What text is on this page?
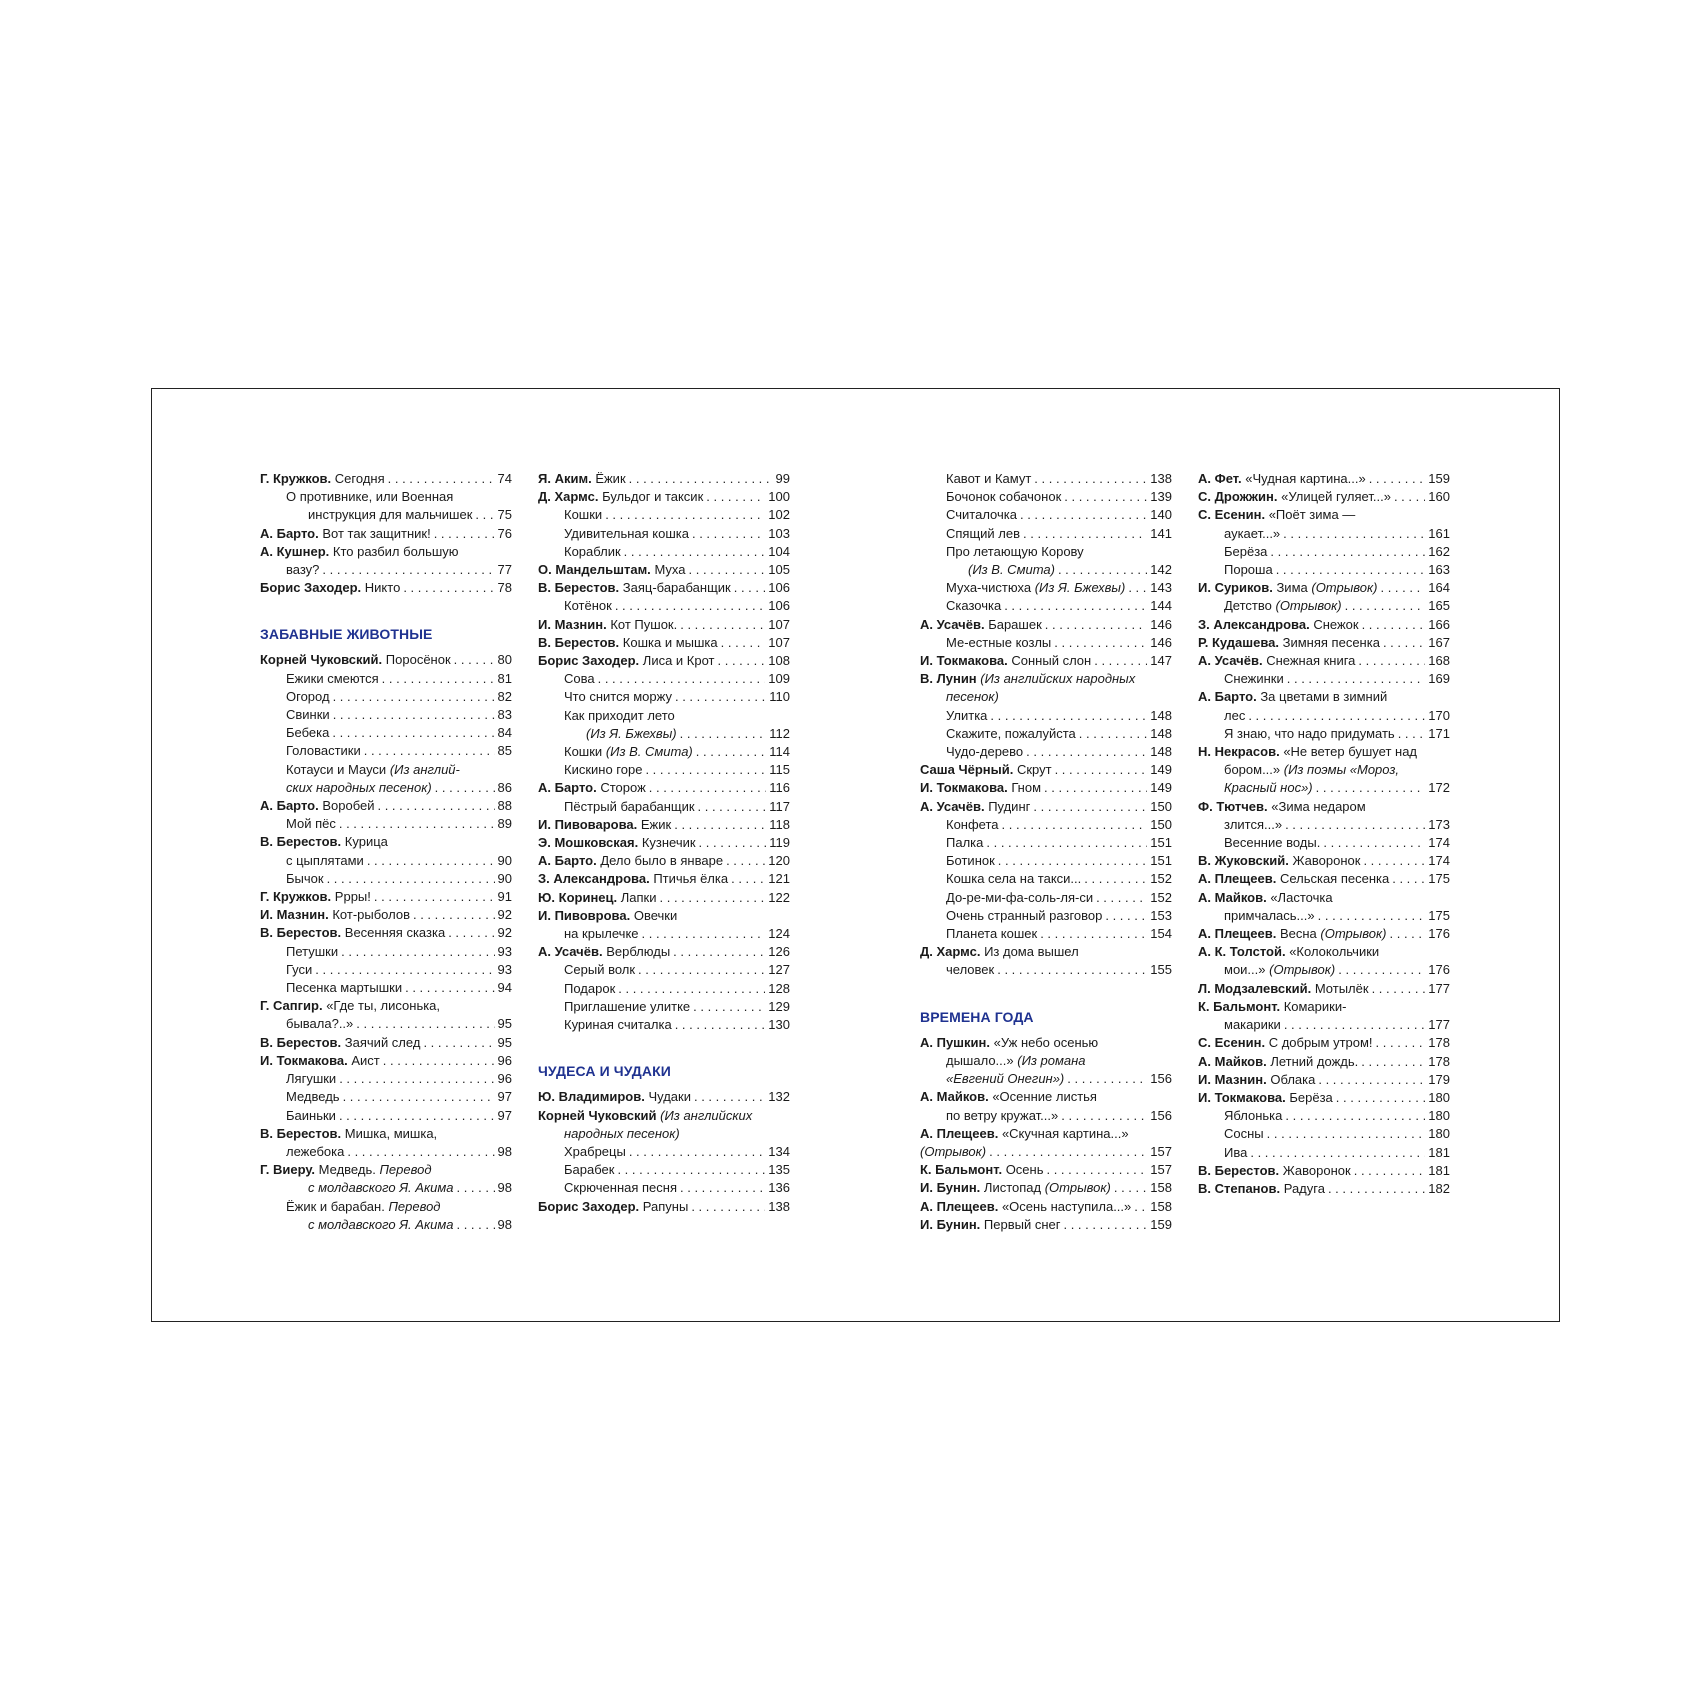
Г. Кружков. Сегодня . . .	74
О противнике, или Военная
инструкция для мальчишек . . . 75
А. Барто. Вот так защитник! . . .	76
А. Кушнер. Кто разбил большую
вазу? . . .	77
Борис Заходер. Никто . . .	78
ЗАБАВНЫЕ ЖИВОТНЫЕ
Корней Чуковский. Поросёнок . . .	80
Ежики смеются . . .	81
Огород . . .	82
Свинки . . .	83
Бебека . . .	84
Головастики . . .	85
Котауси и Мауси (Из англий-
ских народных песенок) . . .	86
А. Барто. Воробей . . .	88
Мой пёс . . .	89
В. Берестов. Курица
с цыплятами . . .	90
Бычок . . .	90
Г. Кружков. Ррры! . . .	91
И. Мазнин. Кот-рыболов . . .	92
В. Берестов. Весенняя сказка . . .	92
Петушки . . .	93
Гуси . . .	93
Песенка мартышки . . .	94
Г. Сапгир. «Где ты, лисонька,
бывала?..» . . .	95
В. Берестов. Заячий след . . .	95
И. Токмакова. Аист . . .	96
Лягушки . . .	96
Медведь . . .	97
Баиньки . . .	97
В. Берестов. Мишка, мишка,
лежебока . . .	98
Г. Виеру. Медведь. Перевод
с молдавского Я. Акима . . .	98
Ёжик и барабан. Перевод
с молдавского Я. Акима . . .	98
Я. Аким. Ёжик . . .	99
Д. Хармс. Бульдог и таксик . . .	100
Кошки . . .	102
Удивительная кошка . . .	103
Кораблик . . .	104
О. Мандельштам. Муха . . .	105
В. Берестов. Заяц-барабанщик . . .	106
Котёнок . . .	106
И. Мазнин. Кот Пушок. . . .	107
В. Берестов. Кошка и мышка . . .	107
Борис Заходер. Лиса и Крот . . .	108
Сова . . .	109
Что снится моржу . . .	110
Как приходит лето
(Из Я. Бжехвы) . . .	112
Кошки (Из В. Смита) . . .	114
Кискино горе . . .	115
А. Барто. Сторож . . .	116
Пёстрый барабанщик . . .	117
И. Пивоварова. Ежик . . .	118
Э. Мошковская. Кузнечик . . .	119
А. Барто. Дело было в январе . . .	120
З. Александрова. Птичья ёлка . . .	121
Ю. Коринец. Лапки . . .	122
И. Пивоврова. Овечки
на крылечке . . .	124
А. Усачёв. Верблюды . . .	126
Серый волк . . .	127
Подарок . . .	128
Приглашение улитке . . .	129
Куриная считалка . . .	130
ЧУДЕСА И ЧУДАКИ
Ю. Владимиров. Чудаки . . .	132
Корней Чуковский (Из английских
народных песенок)
Храбрецы . . .	134
Барабек . . .	135
Скрюченная песня . . .	136
Борис Заходер. Рапуны . . .	138
Кавот и Камут . . .	138
Бочонок собачонок . . .	139
Считалочка . . .	140
Спящий лев . . .	141
Про летающую Корову
(Из В. Смита) . . .	142
Муха-чистюха (Из Я. Бжехвы) . . . 143
Сказочка . . .	144
А. Усачёв. Барашек . . .	146
Ме-естные козлы . . .	146
И. Токмакова. Сонный слон . . .	147
В. Лунин (Из английских народных
песенок)
Улитка . . .	148
Скажите, пожалуйста . . .	148
Чудо-дерево . . .	148
Саша Чёрный. Скрут . . .	149
И. Токмакова. Гном . . .	149
А. Усачёв. Пудинг . . .	150
Конфета . . .	150
Палка . . .	151
Ботинок . . .	151
Кошка села на такси... . . .	152
До-ре-ми-фа-соль-ля-си . . .	152
Очень странный разговор . . .	153
Планета кошек . . .	154
Д. Хармс. Из дома вышел
человек . . .	155
ВРЕМЕНА ГОДА
А. Пушкин. «Уж небо осенью
дышало...» (Из романа
«Евгений Онегин») . . .	156
А. Майков. «Осенние листья
по ветру кружат...» . . .	156
А. Плещеев. «Скучная картина...»
(Отрывок) . . .	157
К. Бальмонт. Осень . . .	157
И. Бунин. Листопад (Отрывок) . . .	158
А. Плещеев. «Осень наступила...» . . . 158
И. Бунин. Первый снег . . .	159
А. Фет. «Чудная картина...» . . .	159
С. Дрожжин. «Улицей гуляет...» . . .	160
С. Есенин. «Поёт зима —
аукает...» . . .	161
Берёза . . .	162
Пороша . . .	163
И. Суриков. Зима (Отрывок) . . .	164
Детство (Отрывок) . . .	165
З. Александрова. Снежок . . .	166
Р. Кудашева. Зимняя песенка . . .	167
А. Усачёв. Снежная книга . . .	168
Снежинки . . .	169
А. Барто. За цветами в зимний
лес . . .	170
Я знаю, что надо придумать . . .	171
Н. Некрасов. «Не ветер бушует над
бором...» (Из поэмы «Мороз,
Красный нос») . . .	172
Ф. Тютчев. «Зима недаром
злится...» . . .	173
Весенние воды. . . .	174
В. Жуковский. Жаворонок . . .	174
А. Плещеев. Сельская песенка . . .	175
А. Майков. «Ласточка
примчалась...» . . .	175
А. Плещеев. Весна (Отрывок) . . .	176
А. К. Толстой. «Колокольчики
мои...» (Отрывок) . . .	176
Л. Модзалевский. Мотылёк . . .	177
К. Бальмонт. Комарики-
макарики . . .	177
С. Есенин. С добрым утром! . . .	178
А. Майков. Летний дождь. . . .	178
И. Мазнин. Облака . . .	179
И. Токмакова. Берёза . . .	180
Яблонька . . .	180
Сосны . . .	180
Ива . . .	181
В. Берестов. Жаворонок . . .	181
В. Степанов. Радуга . . .	182
